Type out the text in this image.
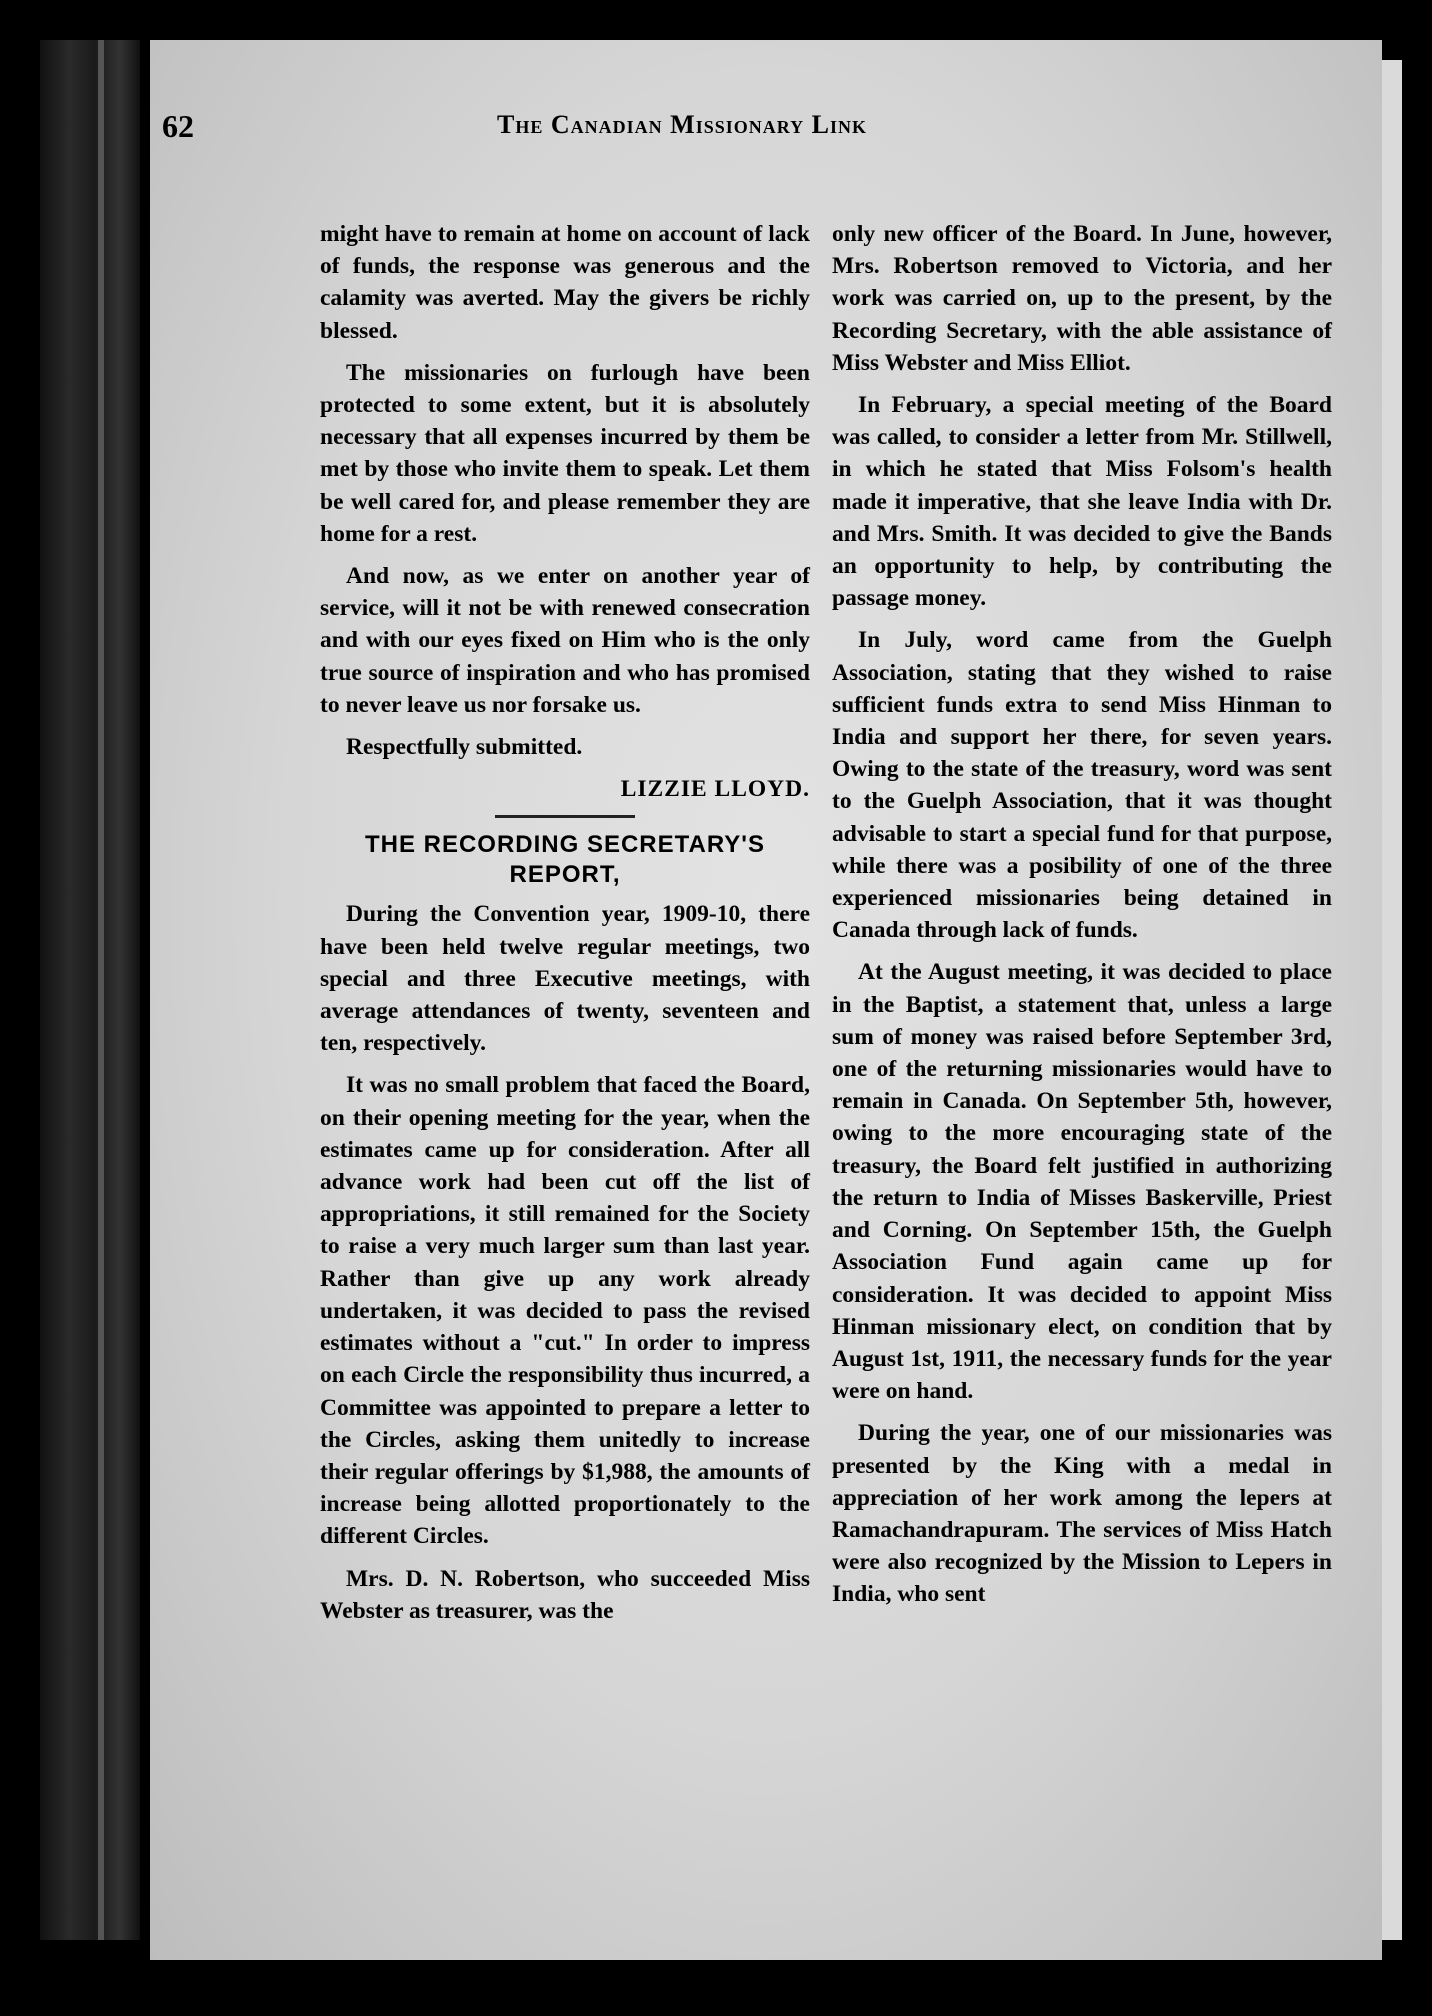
62	The Canadian Missionary Link

might have to remain at home on account of lack of funds, the response was generous and the calamity was averted. May the givers be richly blessed.

The missionaries on furlough have been protected to some extent, but it is absolutely necessary that all expenses incurred by them be met by those who invite them to speak. Let them be well cared for, and please remember they are home for a rest.

And now, as we enter on another year of service, will it not be with renewed consecration and with our eyes fixed on Him who is the only true source of inspiration and who has promised to never leave us nor forsake us.

Respectfully submitted.

LIZZIE LLOYD.

THE RECORDING SECRETARY'S REPORT,

During the Convention year, 1909-10, there have been held twelve regular meetings, two special and three Executive meetings, with average attendances of twenty, seventeen and ten, respectively.

It was no small problem that faced the Board, on their opening meeting for the year, when the estimates came up for consideration. After all advance work had been cut off the list of appropriations, it still remained for the Society to raise a very much larger sum than last year. Rather than give up any work already undertaken, it was decided to pass the revised estimates without a "cut." In order to impress on each Circle the responsibility thus incurred, a Committee was appointed to prepare a letter to the Circles, asking them unitedly to increase their regular offerings by $1,988, the amounts of increase being allotted proportionately to the different Circles.

Mrs. D. N. Robertson, who succeeded Miss Webster as treasurer, was the

only new officer of the Board. In June, however, Mrs. Robertson removed to Victoria, and her work was carried on, up to the present, by the Recording Secretary, with the able assistance of Miss Webster and Miss Elliot.

In February, a special meeting of the Board was called, to consider a letter from Mr. Stillwell, in which he stated that Miss Folsom's health made it imperative, that she leave India with Dr. and Mrs. Smith. It was decided to give the Bands an opportunity to help, by contributing the passage money.

In July, word came from the Guelph Association, stating that they wished to raise sufficient funds extra to send Miss Hinman to India and support her there, for seven years. Owing to the state of the treasury, word was sent to the Guelph Association, that it was thought advisable to start a special fund for that purpose, while there was a posibility of one of the three experienced missionaries being detained in Canada through lack of funds.

At the August meeting, it was decided to place in the Baptist, a statement that, unless a large sum of money was raised before September 3rd, one of the returning missionaries would have to remain in Canada. On September 5th, however, owing to the more encouraging state of the treasury, the Board felt justified in authorizing the return to India of Misses Baskerville, Priest and Corning. On September 15th, the Guelph Association Fund again came up for consideration. It was decided to appoint Miss Hinman missionary elect, on condition that by August 1st, 1911, the necessary funds for the year were on hand.

During the year, one of our missionaries was presented by the King with a medal in appreciation of her work among the lepers at Ramachandrapuram. The services of Miss Hatch were also recognized by the Mission to Lepers in India, who sent
